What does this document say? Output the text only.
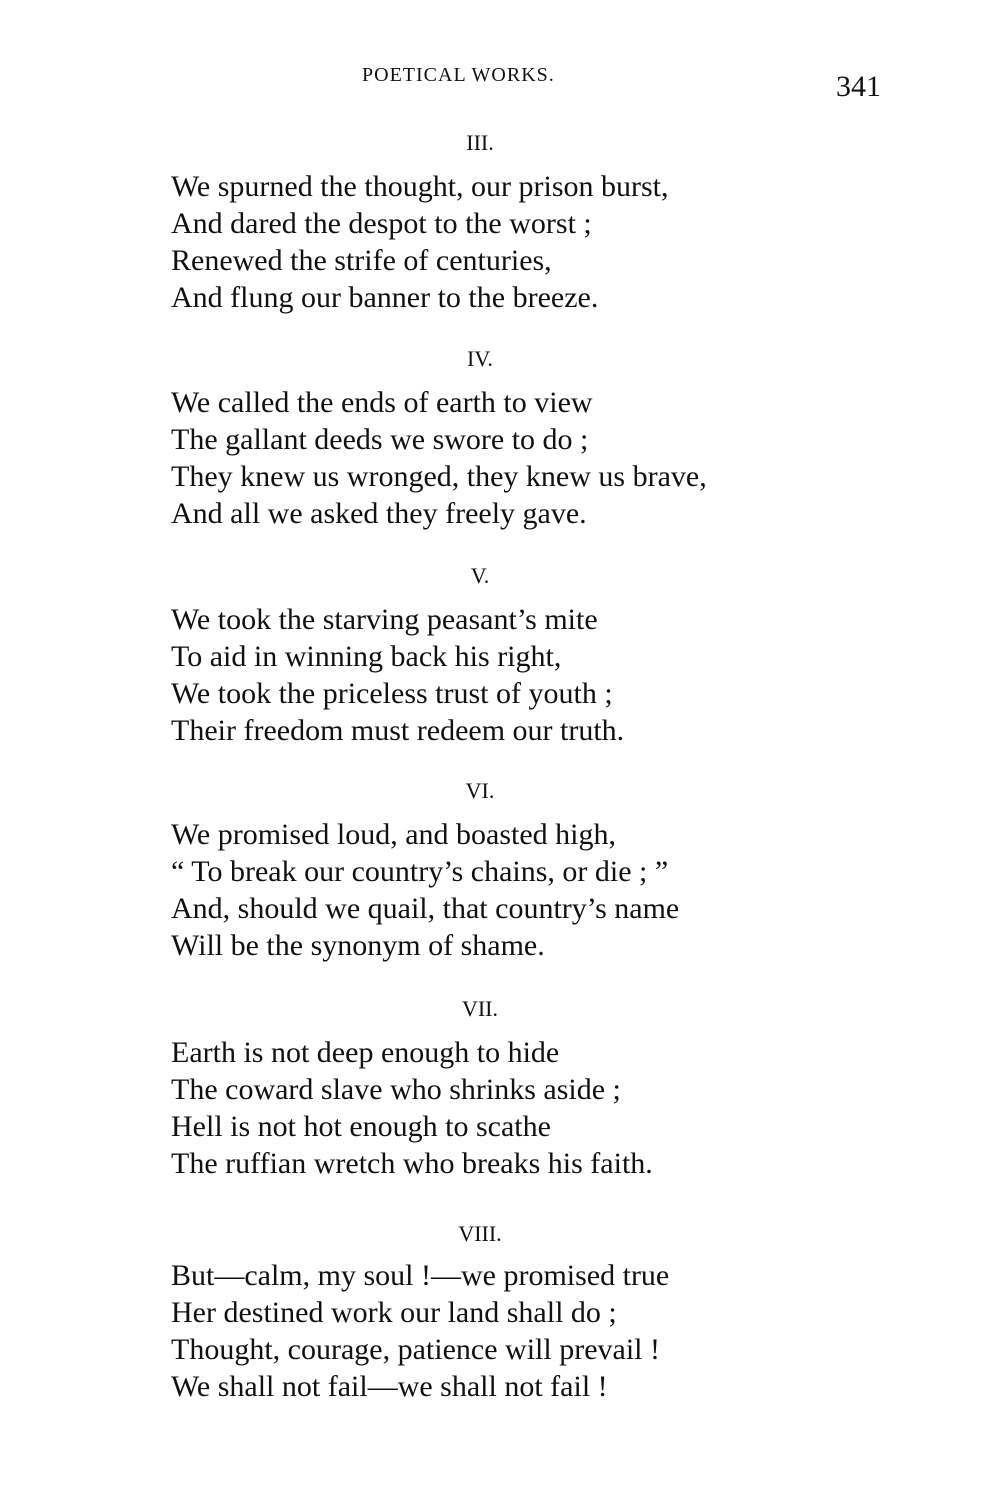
POETICAL WORKS.	341
III.
We spurned the thought, our prison burst,
And dared the despot to the worst ;
Renewed the strife of centuries,
And flung our banner to the breeze.
IV.
We called the ends of earth to view
The gallant deeds we swore to do ;
They knew us wronged, they knew us brave,
And all we asked they freely gave.
V.
We took the starving peasant’s mite
To aid in winning back his right,
We took the priceless trust of youth ;
Their freedom must redeem our truth.
VI.
We promised loud, and boasted high,
“ To break our country’s chains, or die ; ”
And, should we quail, that country’s name
Will be the synonym of shame.
VII.
Earth is not deep enough to hide
The coward slave who shrinks aside ;
Hell is not hot enough to scathe
The ruffian wretch who breaks his faith.
VIII.
But—calm, my soul !—we promised true
Her destined work our land shall do ;
Thought, courage, patience will prevail !
We shall not fail—we shall not fail !
